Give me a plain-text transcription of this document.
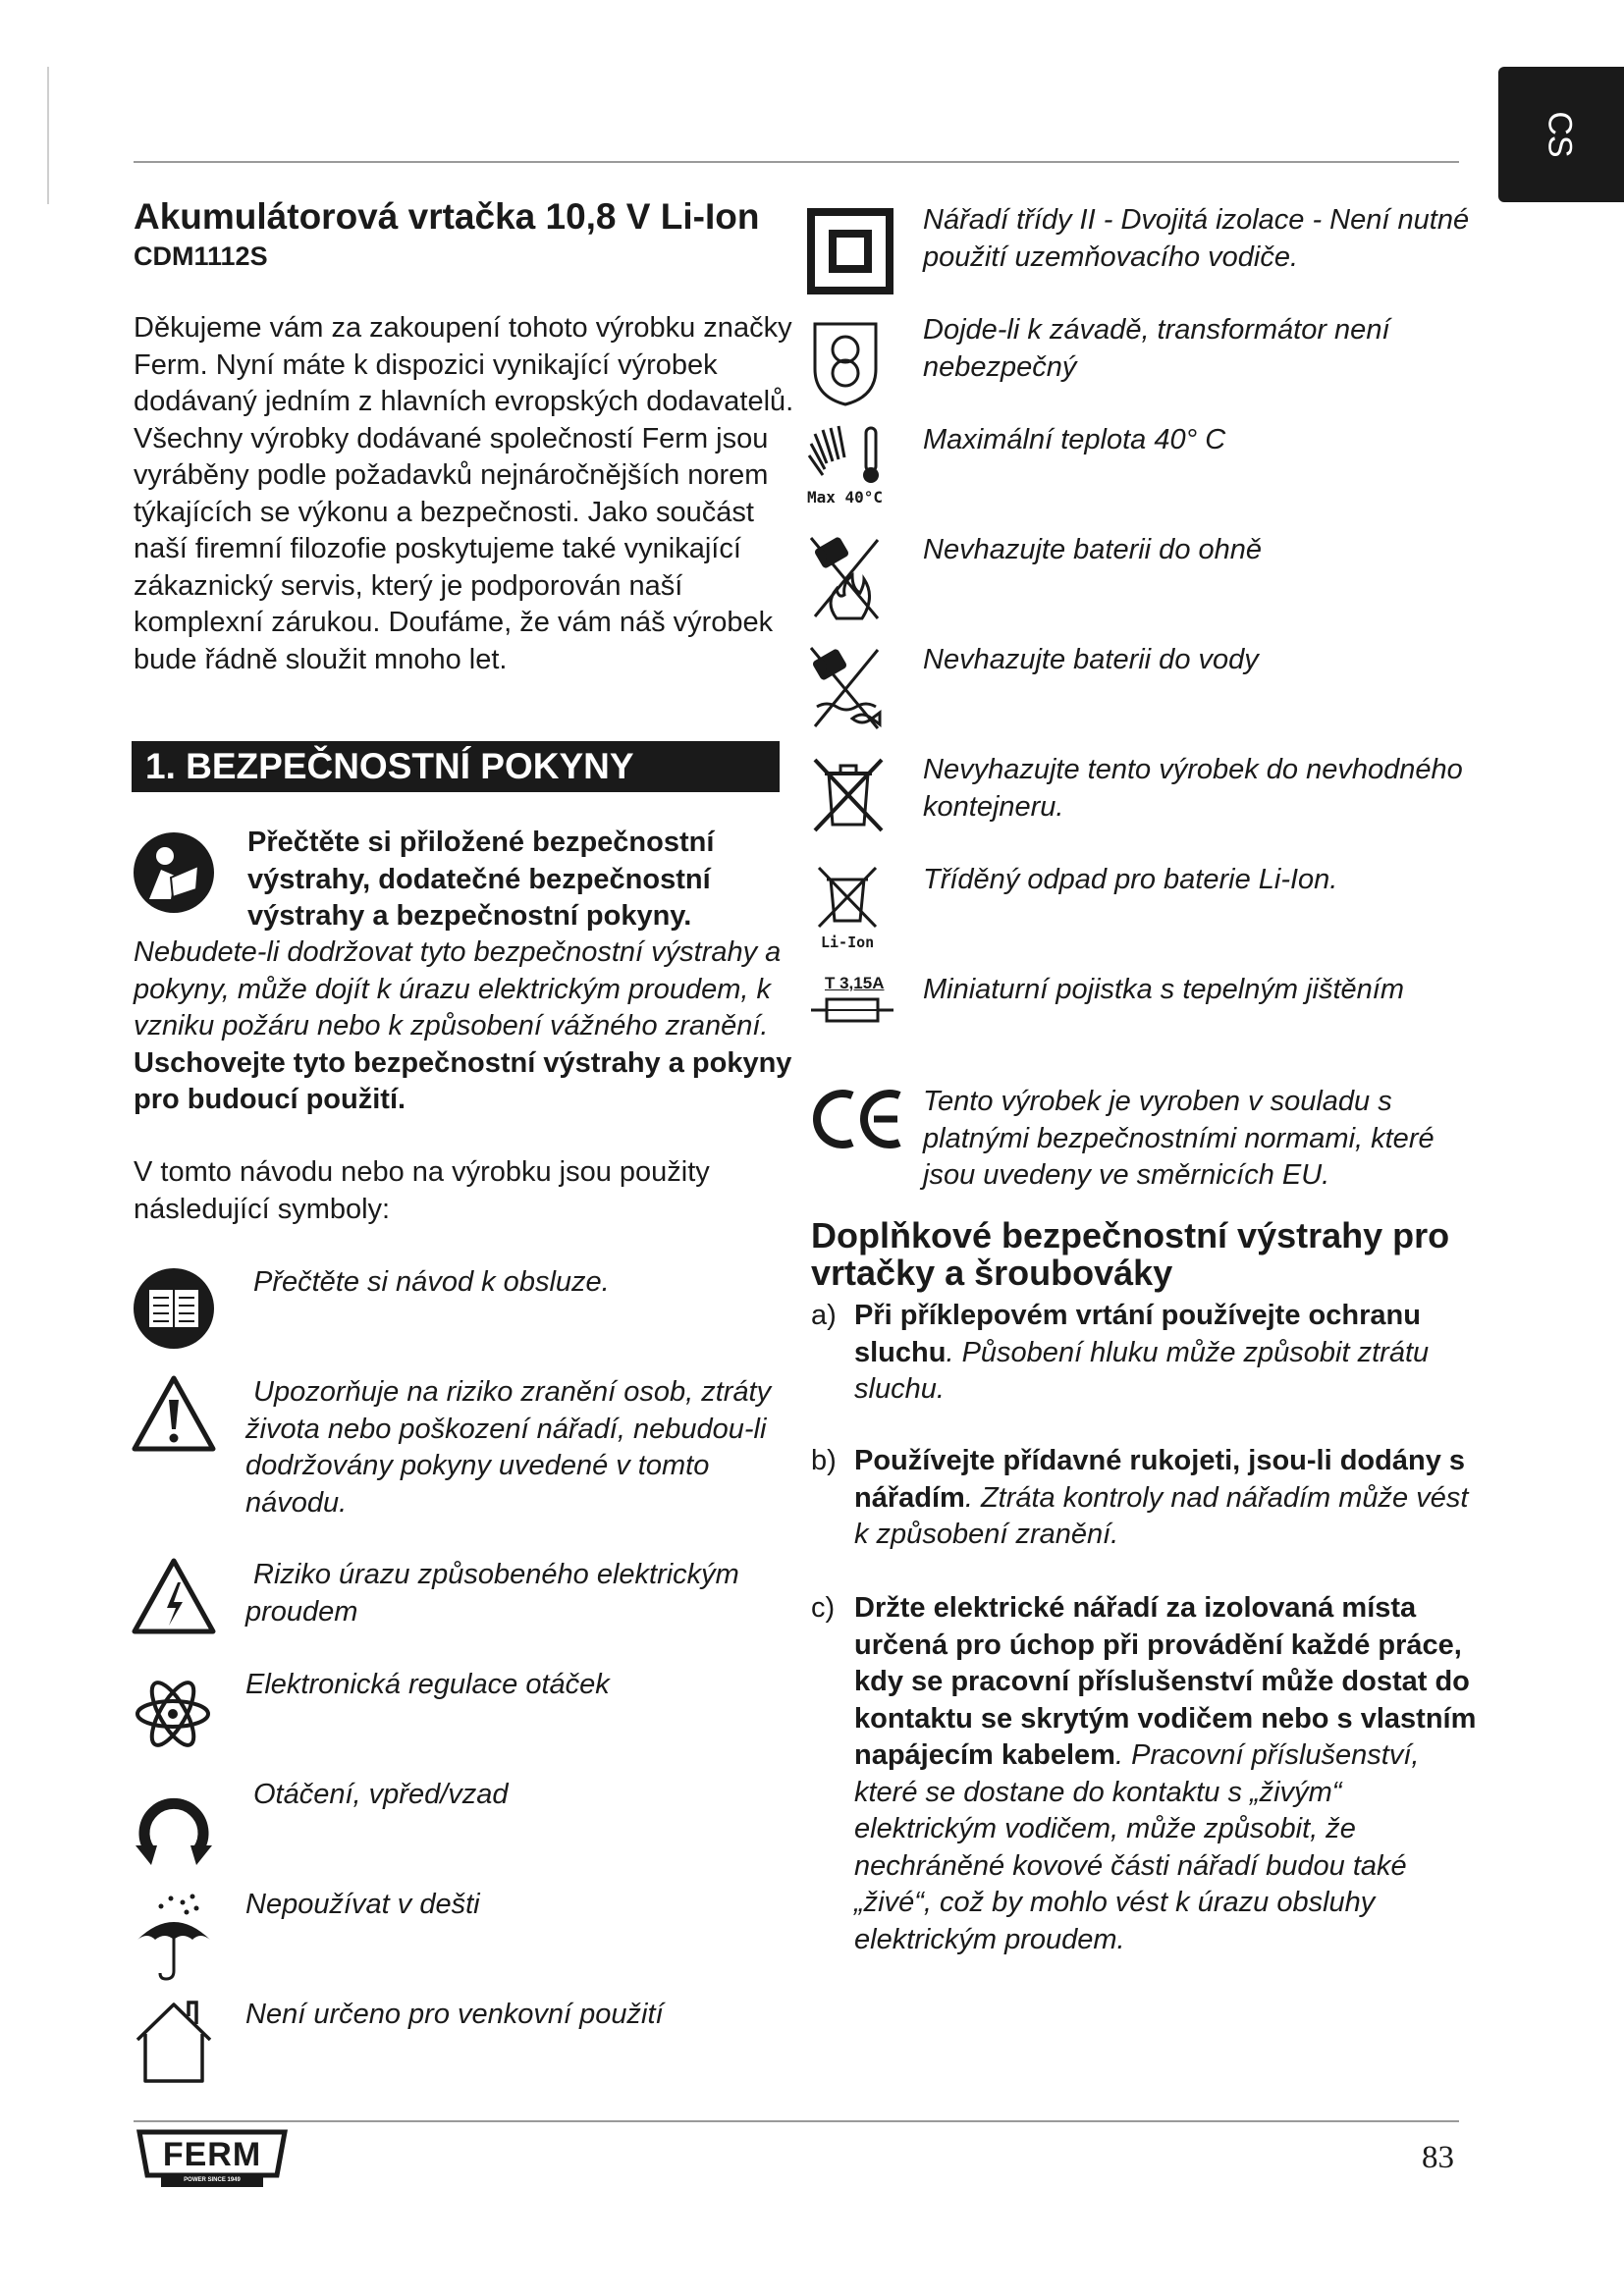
CS
Akumulátorová vrtačka 10,8 V Li-Ion
CDM1112S
Děkujeme vám za zakoupení tohoto výrobku značky Ferm. Nyní máte k dispozici vynikající výrobek dodávaný jedním z hlavních evropských dodavatelů. Všechny výrobky dodávané společností Ferm jsou vyráběny podle požadavků nejnáročnějších norem týkajících se výkonu a bezpečnosti. Jako součást naší firemní filozofie poskytujeme také vynikající zákaznický servis, který je podporován naší komplexní zárukou. Doufáme, že vám náš výrobek bude řádně sloužit mnoho let.
1. BEZPEČNOSTNÍ POKYNY
Přečtěte si přiložené bezpečnostní
výstrahy, dodatečné bezpečnostní
výstrahy a bezpečnostní pokyny.
Nebudete-li dodržovat tyto bezpečnostní výstrahy a pokyny, může dojít k úrazu elektrickým proudem, k vzniku požáru nebo k způsobení vážného zranění. Uschovejte tyto bezpečnostní výstrahy a pokyny pro budoucí použití.
V tomto návodu nebo na výrobku jsou použity následující symboly:
Přečtěte si návod k obsluze.
Upozorňuje na riziko zranění osob, ztráty života nebo poškození nářadí, nebudou-li dodržovány pokyny uvedené v tomto návodu.
Riziko úrazu způsobeného elektrickým proudem
Elektronická regulace otáček
Otáčení, vpřed/vzad
Nepoužívat v dešti
Není určeno pro venkovní použití
Nářadí třídy II - Dvojitá izolace - Není nutné použití uzemňovacího vodiče.
Dojde-li k závadě, transformátor není nebezpečný
Max 40°C
Maximální teplota 40° C
Nevhazujte baterii do ohně
Nevhazujte baterii do vody
Nevyhazujte tento výrobek do nevhodného kontejneru.
Li-Ion
Tříděný odpad pro baterie Li-Ion.
T 3,15A	Miniaturní pojistka s tepelným jištěním
Tento výrobek je vyroben v souladu s platnými bezpečnostními normami, které jsou uvedeny ve směrnicích EU.
Doplňkové bezpečnostní výstrahy pro vrtačky a šroubováky
a) Při příklepovém vrtání používejte ochranu sluchu. Působení hluku může způsobit ztrátu sluchu.
b) Používejte přídavné rukojeti, jsou-li dodány s nářadím. Ztráta kontroly nad nářadím může vést k způsobení zranění.
c) Držte elektrické nářadí za izolovaná místa určená pro úchop při provádění každé práce, kdy se pracovní příslušenství může dostat do kontaktu se skrytým vodičem nebo s vlastním napájecím kabelem. Pracovní příslušenství, které se dostane do kontaktu s „živým“ elektrickým vodičem, může způsobit, že nechráněné kovové části nářadí budou také „živé“, což by mohlo vést k úrazu obsluhy elektrickým proudem.
FERM
POWER SINCE 1949
83
